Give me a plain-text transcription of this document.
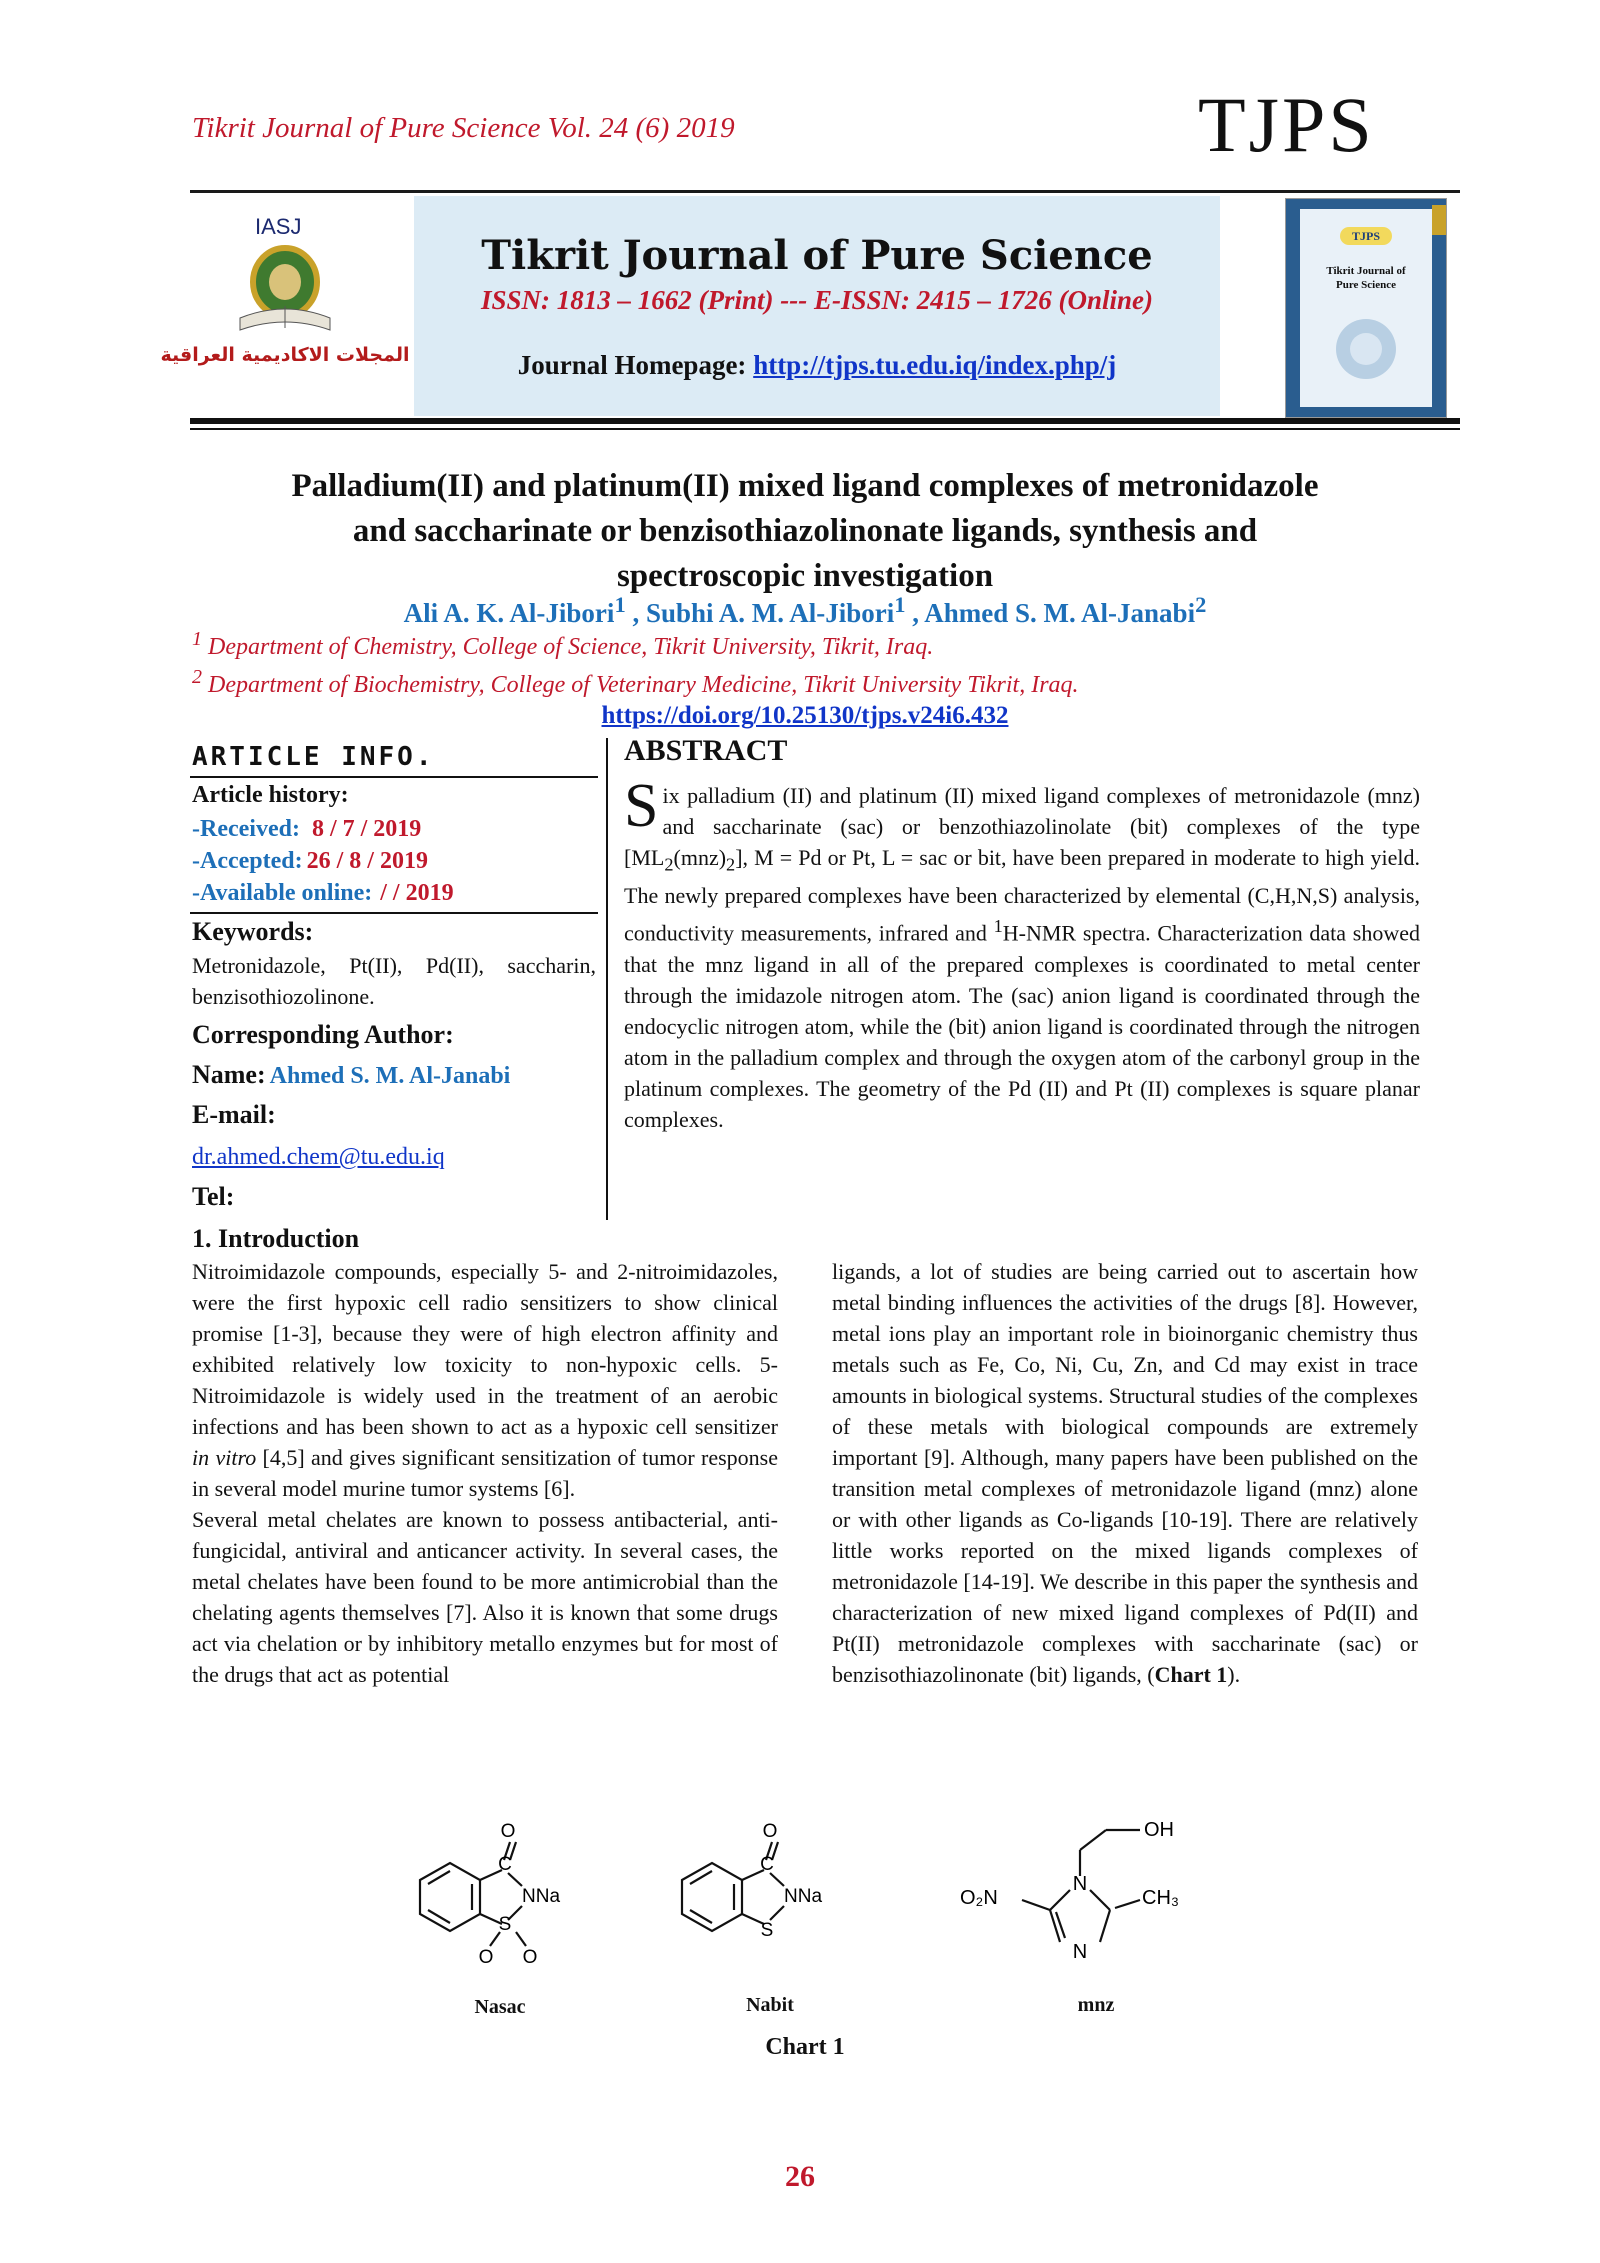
Tikrit Journal of Pure Science Vol. 24 (6) 2019	TJPS
IASJ
المجلات الاكاديمية العراقية
Tikrit Journal of Pure Science
ISSN: 1813 – 1662 (Print) --- E-ISSN: 2415 – 1726 (Online)
Journal Homepage: http://tjps.tu.edu.iq/index.php/j
TJPS
Tikrit Journal of
Pure Science
Palladium(II) and platinum(II) mixed ligand complexes of metronidazole
and saccharinate or benzisothiazolinonate ligands, synthesis and
spectroscopic investigation
Ali A. K. Al-Jibori$^1$ , Subhi A. M. Al-Jibori$^1$ , Ahmed S. M. Al-Janabi$^2$
$^1$ Department of Chemistry, College of Science, Tikrit University, Tikrit, Iraq.
$^2$ Department of Biochemistry, College of Veterinary Medicine, Tikrit University Tikrit, Iraq.
https://doi.org/10.25130/tjps.v24i6.432
ARTICLE INFO.
Article history:
-Received: 8 / 7 / 2019
-Accepted: 26 / 8 / 2019
-Available online: / / 2019
Keywords:
Metronidazole, Pt(II), Pd(II), saccharin, benzisothiozolinone.
Corresponding Author:
Name: Ahmed S. M. Al-Janabi
E-mail:
dr.ahmed.chem@tu.edu.iq
Tel:
ABSTRACT
Six palladium (II) and platinum (II) mixed ligand complexes of metronidazole (mnz) and saccharinate (sac) or benzothiazolinolate (bit) complexes of the type $[ML_2(mnz)_2]$, M = Pd or Pt, L = sac or bit, have been prepared in moderate to high yield. The newly prepared complexes have been characterized by elemental (C,H,N,S) analysis, conductivity measurements, infrared and $^1$H-NMR spectra. Characterization data showed that the mnz ligand in all of the prepared complexes is coordinated to metal center through the imidazole nitrogen atom. The (sac) anion ligand is coordinated through the endocyclic nitrogen atom, while the (bit) anion ligand is coordinated through the nitrogen atom in the palladium complex and through the oxygen atom of the carbonyl group in the platinum complexes. The geometry of the Pd (II) and Pt (II) complexes is square planar complexes.
1. Introduction
Nitroimidazole compounds, especially 5- and 2-nitroimidazoles, were the first hypoxic cell radio sensitizers to show clinical promise [1-3], because they were of high electron affinity and exhibited relatively low toxicity to non-hypoxic cells. 5-Nitroimidazole is widely used in the treatment of an aerobic infections and has been shown to act as a hypoxic cell sensitizer in vitro [4,5] and gives significant sensitization of tumor response in several model murine tumor systems [6].
Several metal chelates are known to possess antibacterial, anti-fungicidal, antiviral and anticancer activity. In several cases, the metal chelates have been found to be more antimicrobial than the chelating agents themselves [7]. Also it is known that some drugs act via chelation or by inhibitory metallo enzymes but for most of the drugs that act as potential
ligands, a lot of studies are being carried out to ascertain how metal binding influences the activities of the drugs [8]. However, metal ions play an important role in bioinorganic chemistry thus metals such as Fe, Co, Ni, Cu, Zn, and Cd may exist in trace amounts in biological systems. Structural studies of the complexes of these metals with biological compounds are extremely important [9]. Although, many papers have been published on the transition metal complexes of metronidazole ligand (mnz) alone or with other ligands as Co-ligands [10-19]. There are relatively little works reported on the mixed ligands complexes of metronidazole [14-19]. We describe in this paper the synthesis and characterization of new mixed ligand complexes of Pd(II) and Pt(II) metronidazole complexes with saccharinate (sac) or benzisothiazolinonate (bit) ligands, (Chart 1).
O
C
NNa
S
O O
Nasac
O
C
NNa
S
Nabit
OH
N
O₂N	CH₃
N
mnz
Chart 1
26
